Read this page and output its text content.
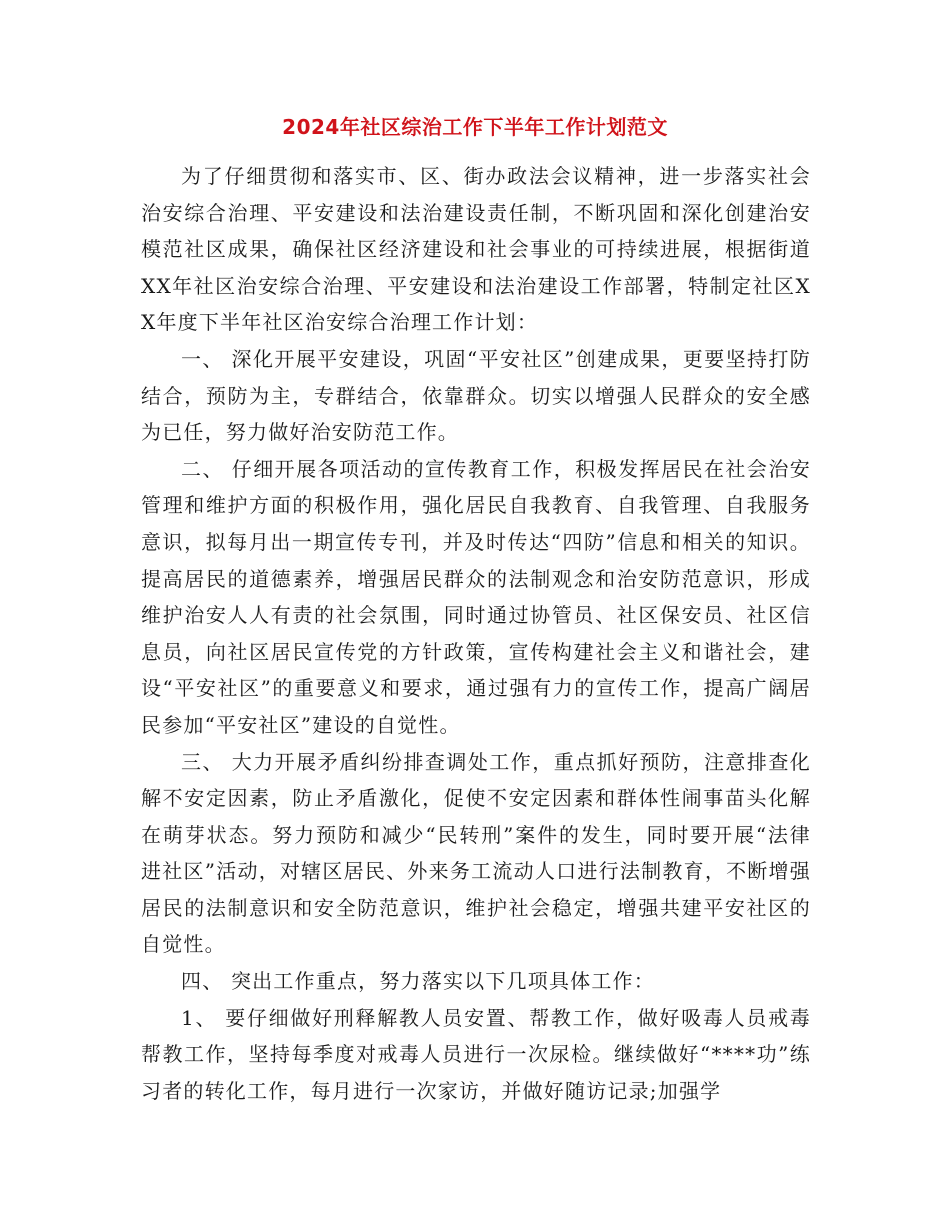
2024年社区综治工作下半年工作计划范文

为了仔细贯彻和落实市、区、街办政法会议精神，进一步落实社会治安综合治理、平安建设和法治建设责任制，不断巩固和深化创建治安模范社区成果，确保社区经济建设和社会事业的可持续进展，根据街道XX年社区治安综合治理、平安建设和法治建设工作部署，特制定社区XX年度下半年社区治安综合治理工作计划：

一、 深化开展平安建设，巩固“平安社区”创建成果，更要坚持打防结合，预防为主，专群结合，依靠群众。切实以增强人民群众的安全感为已任，努力做好治安防范工作。

二、 仔细开展各项活动的宣传教育工作，积极发挥居民在社会治安管理和维护方面的积极作用，强化居民自我教育、自我管理、自我服务意识，拟每月出一期宣传专刊，并及时传达“四防”信息和相关的知识。提高居民的道德素养，增强居民群众的法制观念和治安防范意识，形成维护治安人人有责的社会氛围，同时通过协管员、社区保安员、社区信息员，向社区居民宣传党的方针政策，宣传构建社会主义和谐社会，建设“平安社区”的重要意义和要求，通过强有力的宣传工作，提高广阔居民参加“平安社区”建设的自觉性。

三、 大力开展矛盾纠纷排查调处工作，重点抓好预防，注意排查化解不安定因素，防止矛盾激化，促使不安定因素和群体性闹事苗头化解在萌芽状态。努力预防和减少“民转刑”案件的发生，同时要开展“法律进社区”活动，对辖区居民、外来务工流动人口进行法制教育，不断增强居民的法制意识和安全防范意识，维护社会稳定，增强共建平安社区的自觉性。

四、 突出工作重点，努力落实以下几项具体工作：

1、 要仔细做好刑释解教人员安置、帮教工作，做好吸毒人员戒毒帮教工作，坚持每季度对戒毒人员进行一次尿检。继续做好“****功”练习者的转化工作，每月进行一次家访，并做好随访记录;加强学
